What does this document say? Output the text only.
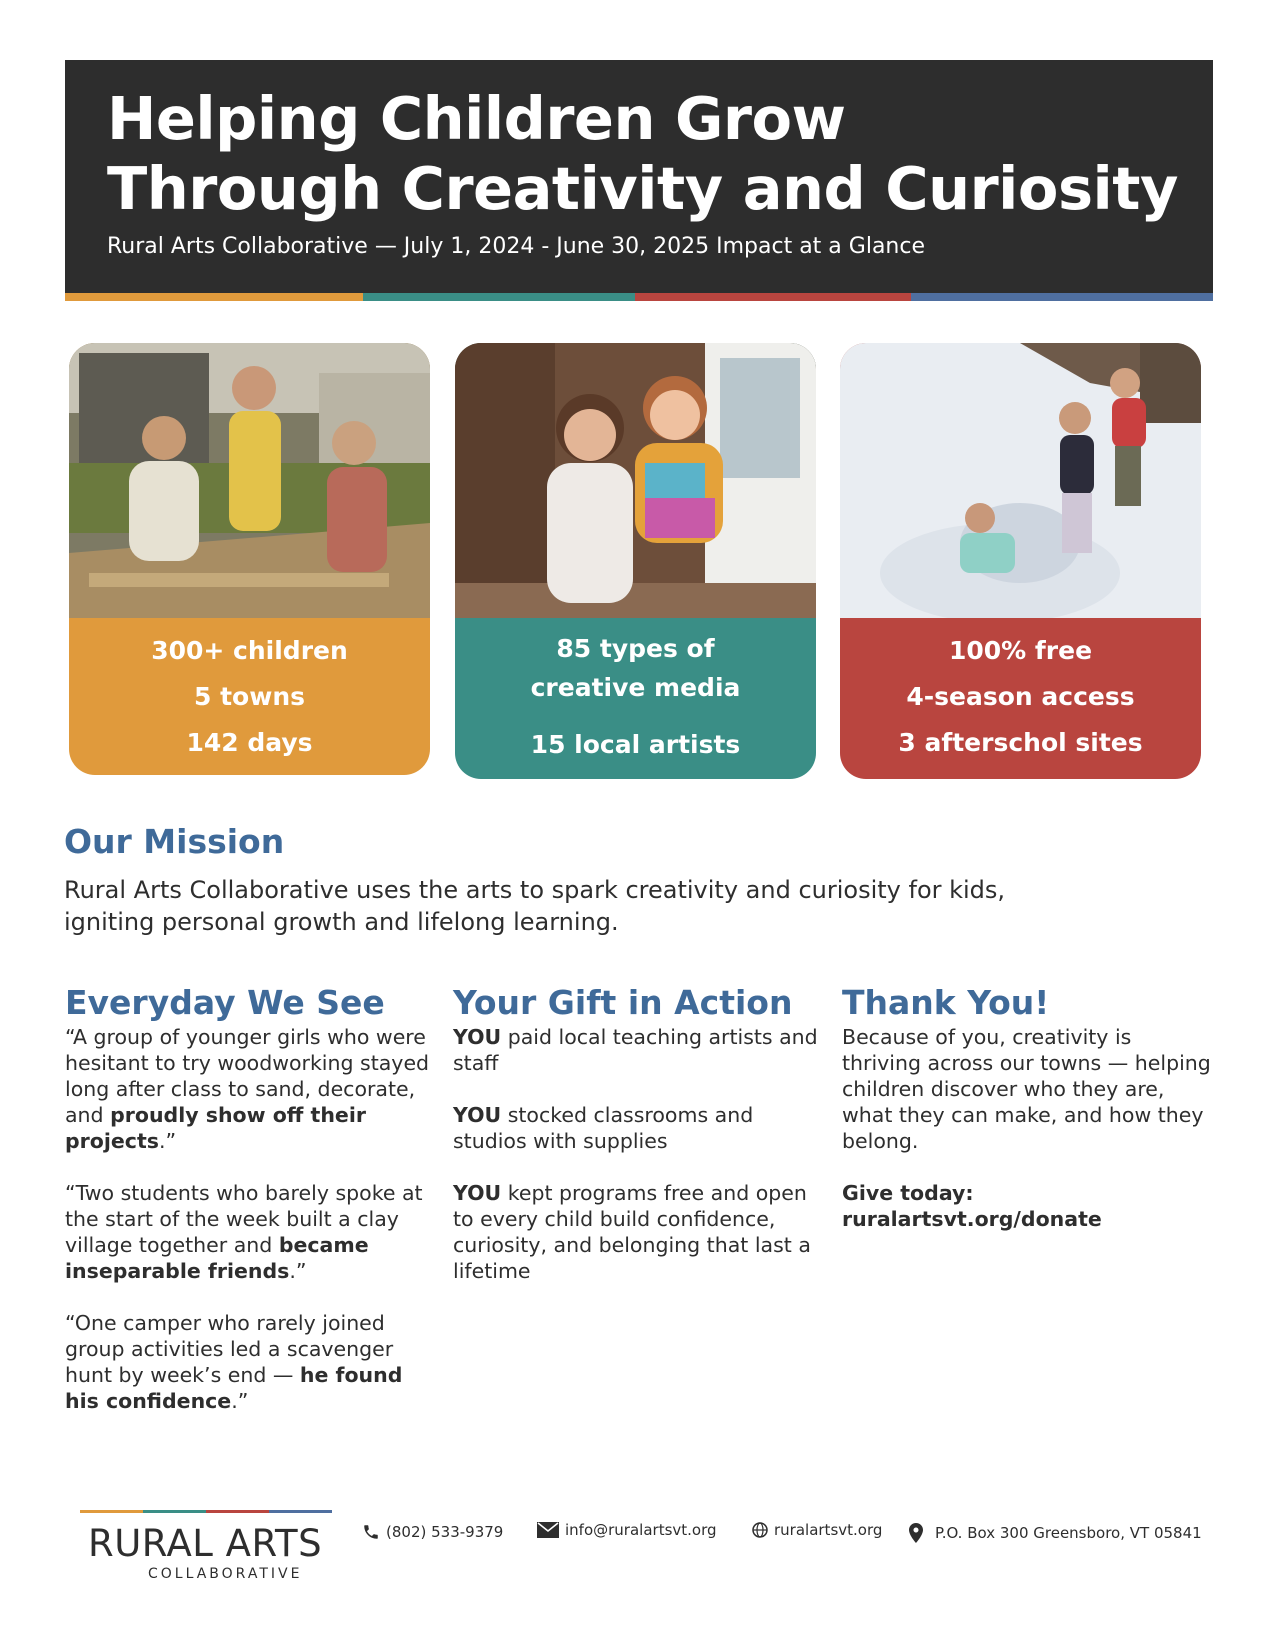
Helping Children Grow
Through Creativity and Curiosity
Rural Arts Collaborative — July 1, 2024 - June 30, 2025 Impact at a Glance
300+ children
5 towns
142 days
85 types of
creative media
15 local artists
100% free
4-season access
3 afterschol sites
Our Mission
Rural Arts Collaborative uses the arts to spark creativity and curiosity for kids,
igniting personal growth and lifelong learning.
Everyday We See

“A group of younger girls who were hesitant to try woodworking stayed long after class to sand, decorate, and proudly show off their projects.”

“Two students who barely spoke at the start of the week built a clay village together and became inseparable friends.”

“One camper who rarely joined group activities led a scavenger hunt by week’s end — he found his confidence.”

Your Gift in Action

YOU paid local teaching artists and staff

YOU stocked classrooms and studios with supplies

YOU kept programs free and open to every child build confidence, curiosity, and belonging that last a lifetime

Thank You!

Because of you, creativity is thriving across our towns — helping children discover who they are, what they can make, and how they belong.

Give today: ruralartsvt.org/donate

RURAL ARTS
COLLABORATIVE
(802) 533-9379	info@ruralartsvt.org	ruralartsvt.org	P.O. Box 300 Greensboro, VT 05841
